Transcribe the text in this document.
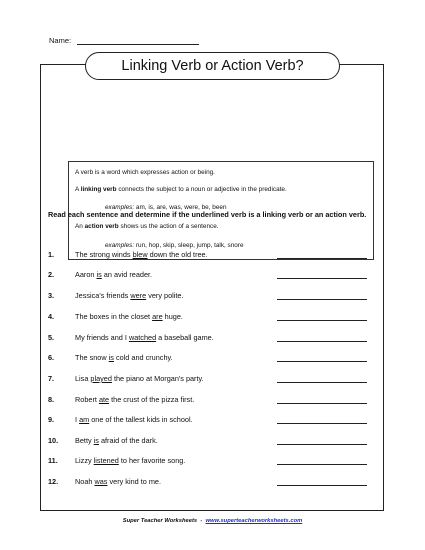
Name:
A verb is a word which expresses action or being.
A linking verb connects the subject to a noun or adjective in the predicate.
examples: am, is, are, was, were, be, been
An action verb shows us the action of a sentence.
examples: run, hop, skip, sleep, jump, talk, snore
Linking Verb or Action Verb?
Read each sentence and determine if the underlined verb is a linking verb or an action verb.
1.	The strong winds blew down the old tree.
2.	Aaron is an avid reader.
3.	Jessica's friends were very polite.
4.	The boxes in the closet are huge.
5.	My friends and I watched a baseball game.
6.	The snow is cold and crunchy.
7.	Lisa played the piano at Morgan's party.
8.	Robert ate the crust of the pizza first.
9.	I am one of the tallest kids in school.
10. Betty is afraid of the dark.
11. Lizzy listened to her favorite song.
12. Noah was very kind to me.
Super Teacher Worksheets  -  www.superteacherworksheets.com
